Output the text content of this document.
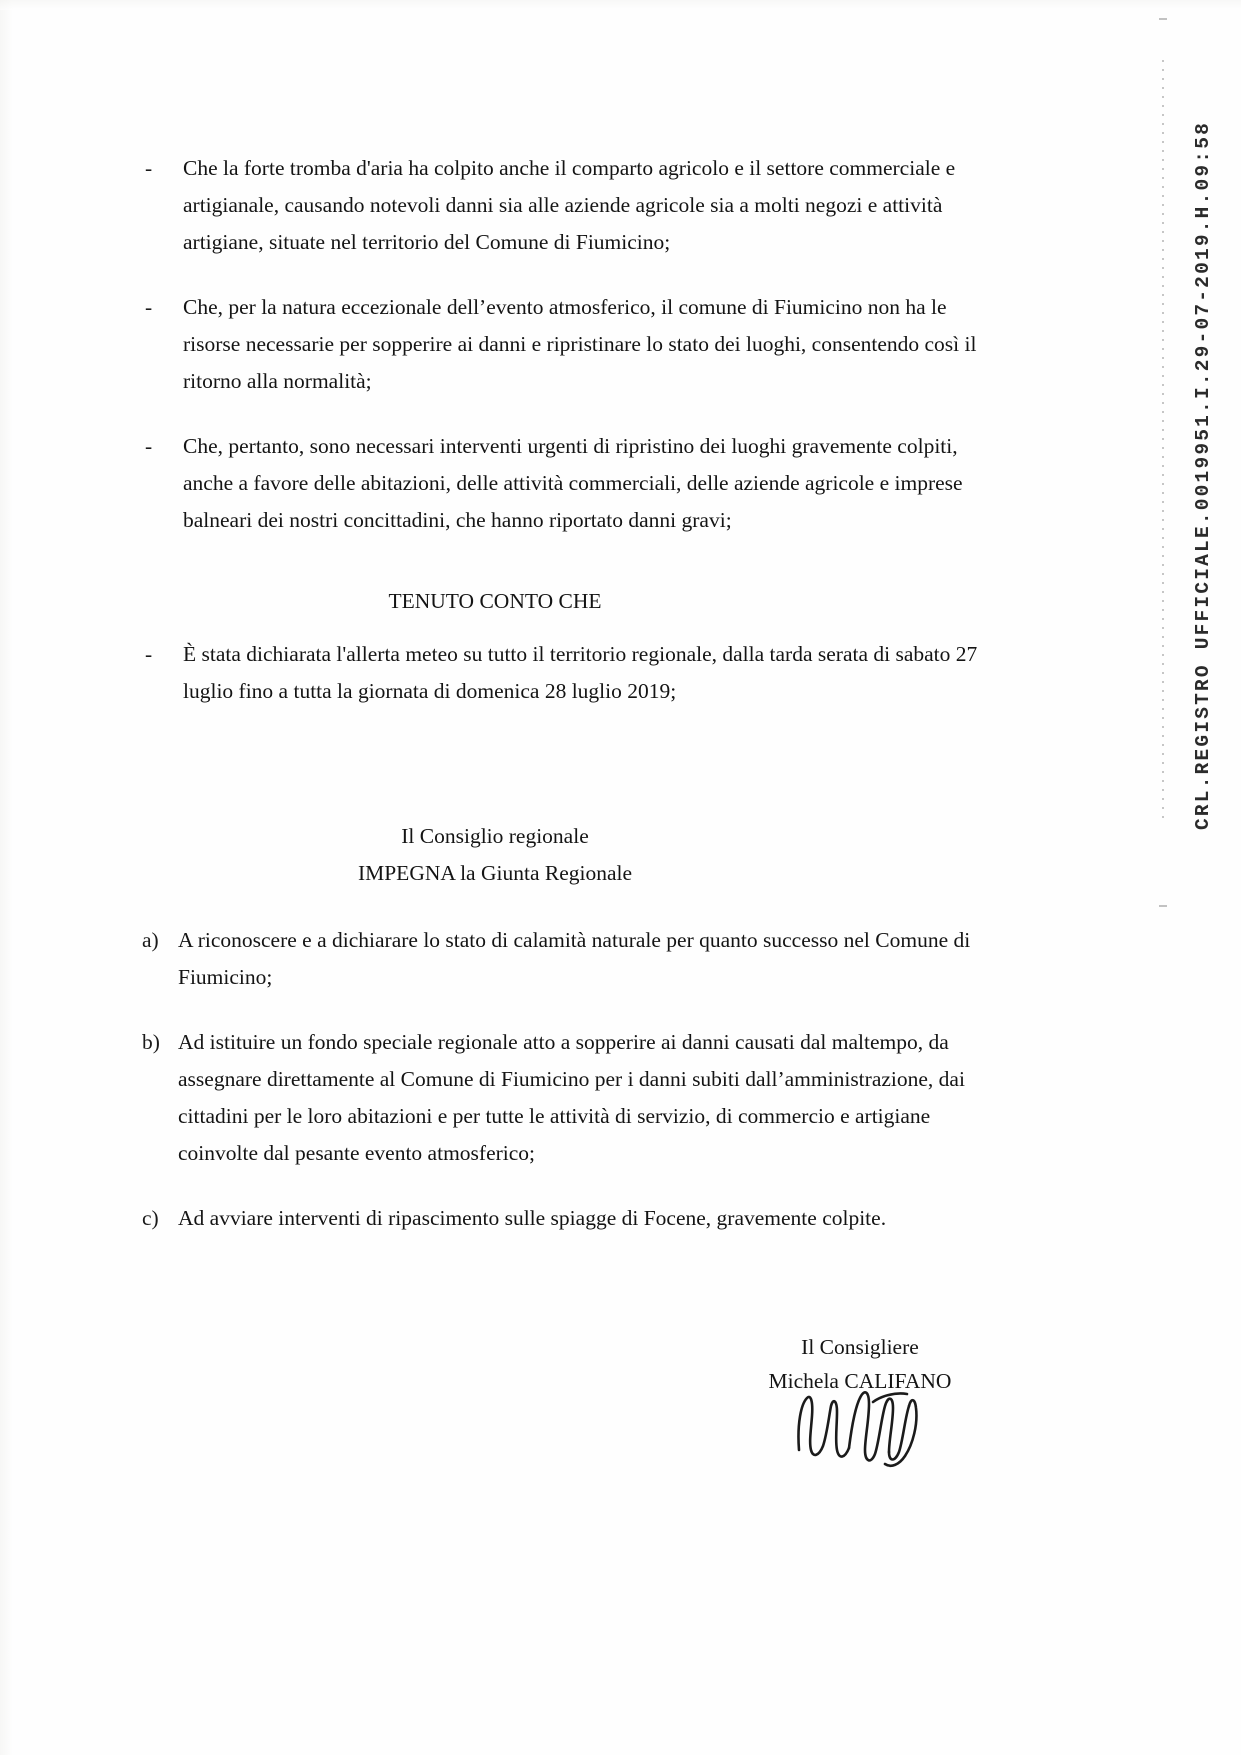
CRL.REGISTRO UFFICIALE.0019951.I.29-07-2019.H.09:58
-	Che la forte tromba d'aria ha colpito anche il comparto agricolo e il settore commerciale e artigianale, causando notevoli danni sia alle aziende agricole sia a molti negozi e attività artigiane, situate nel territorio del Comune di Fiumicino;
-	Che, per la natura eccezionale dell’evento atmosferico, il comune di Fiumicino non ha le risorse necessarie per sopperire ai danni e ripristinare lo stato dei luoghi, consentendo così il ritorno alla normalità;
-	Che, pertanto, sono necessari interventi urgenti di ripristino dei luoghi gravemente colpiti, anche a favore delle abitazioni, delle attività commerciali, delle aziende agricole e imprese balneari dei nostri concittadini, che hanno riportato danni gravi;
TENUTO CONTO CHE
-	È stata dichiarata l'allerta meteo su tutto il territorio regionale, dalla tarda serata di sabato 27 luglio fino a tutta la giornata di domenica 28 luglio 2019;
Il Consiglio regionale
IMPEGNA la Giunta Regionale
a) A riconoscere e a dichiarare lo stato di calamità naturale per quanto successo nel Comune di Fiumicino;
b) Ad istituire un fondo speciale regionale atto a sopperire ai danni causati dal maltempo, da assegnare direttamente al Comune di Fiumicino per i danni subiti dall’amministrazione, dai cittadini per le loro abitazioni e per tutte le attività di servizio, di commercio e artigiane coinvolte dal pesante evento atmosferico;
c) Ad avviare interventi di ripascimento sulle spiagge di Focene, gravemente colpite.
Il Consigliere
Michela CALIFANO
